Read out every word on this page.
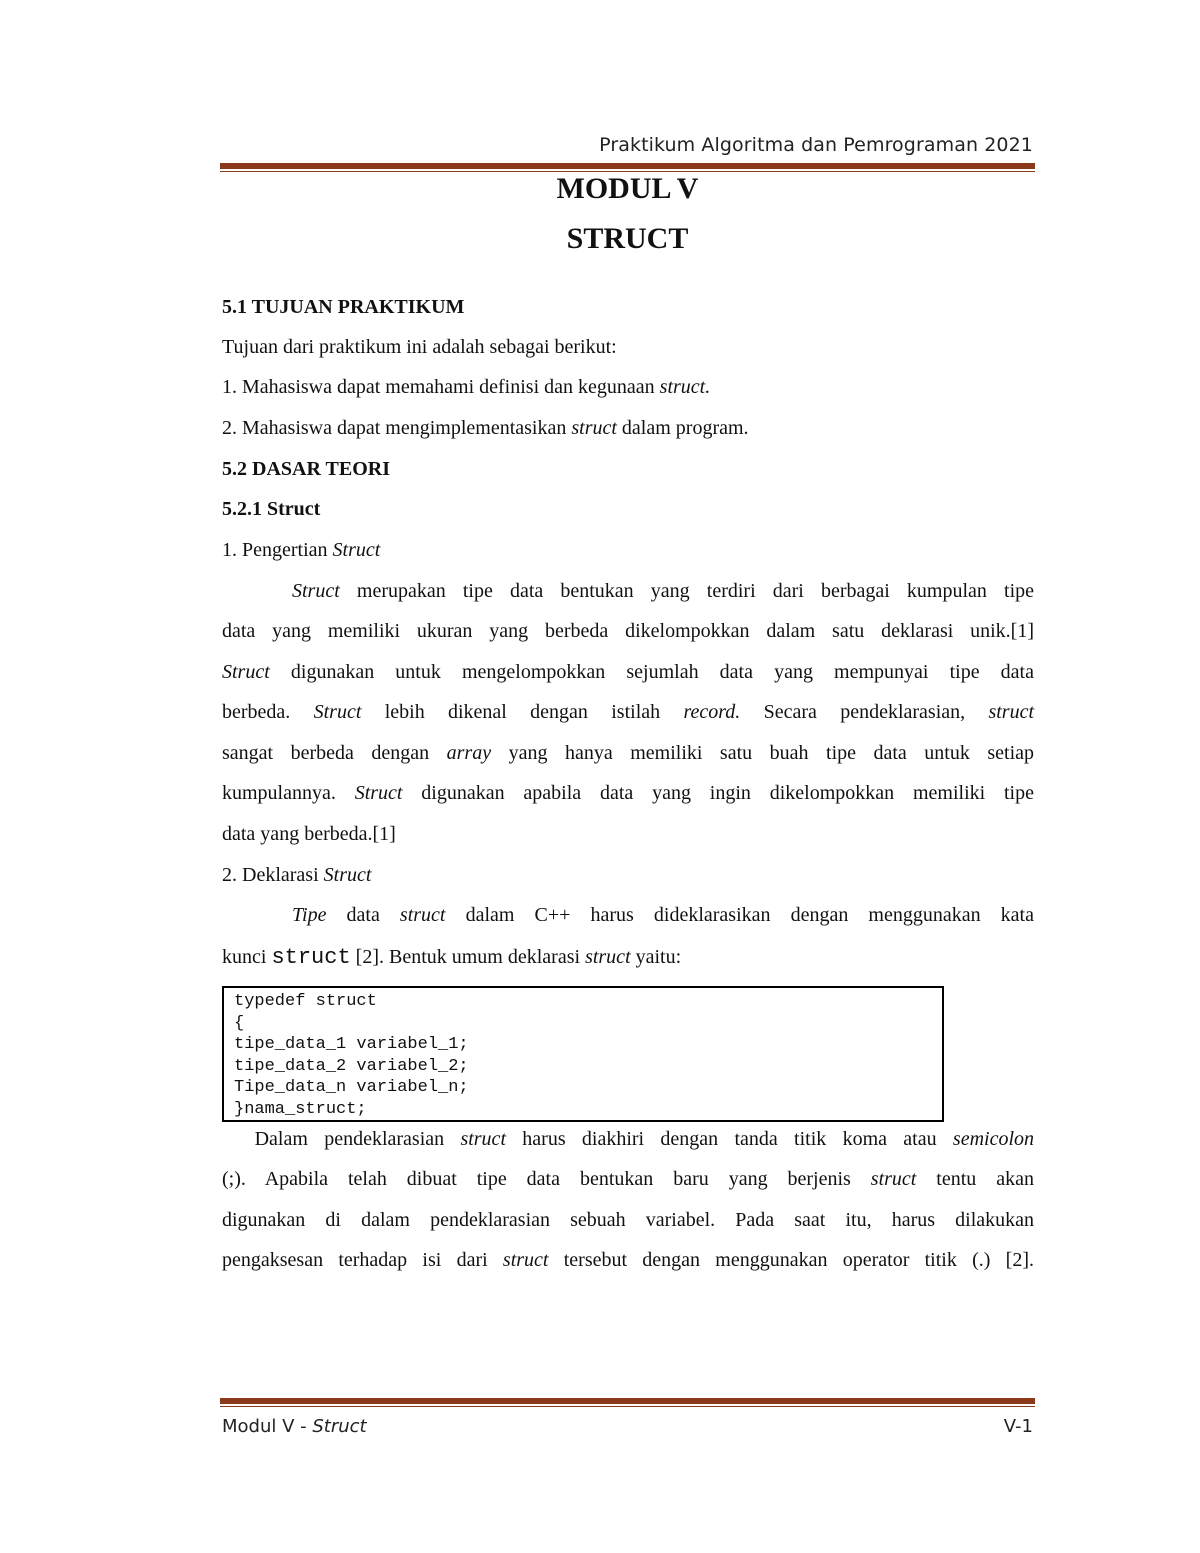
Praktikum Algoritma dan Pemrograman 2021
MODUL V
STRUCT
5.1 TUJUAN PRAKTIKUM
Tujuan dari praktikum ini adalah sebagai berikut:
1. Mahasiswa dapat memahami definisi dan kegunaan struct.
2. Mahasiswa dapat mengimplementasikan struct dalam program.
5.2 DASAR TEORI
5.2.1 Struct
1. Pengertian Struct
Struct merupakan tipe data bentukan yang terdiri dari berbagai kumpulan tipe
data yang memiliki ukuran yang berbeda dikelompokkan dalam satu deklarasi unik.[1]
Struct digunakan untuk mengelompokkan sejumlah data yang mempunyai tipe data
berbeda. Struct lebih dikenal dengan istilah record. Secara pendeklarasian, struct
sangat berbeda dengan array yang hanya memiliki satu buah tipe data untuk setiap
kumpulannya. Struct digunakan apabila data yang ingin dikelompokkan memiliki tipe
data yang berbeda.[1]
2. Deklarasi Struct
Tipe data struct dalam C++ harus dideklarasikan dengan menggunakan kata
kunci struct [2]. Bentuk umum deklarasi struct yaitu:
typedef struct
{
tipe_data_1 variabel_1;
tipe_data_2 variabel_2;
Tipe_data_n variabel_n;
}nama_struct;
Dalam pendeklarasian struct harus diakhiri dengan tanda titik koma atau semicolon
(;). Apabila telah dibuat tipe data bentukan baru yang berjenis struct tentu akan
digunakan di dalam pendeklarasian sebuah variabel. Pada saat itu, harus dilakukan
pengaksesan terhadap isi dari struct tersebut dengan menggunakan operator titik (.) [2].
Modul V - Struct	V-1
